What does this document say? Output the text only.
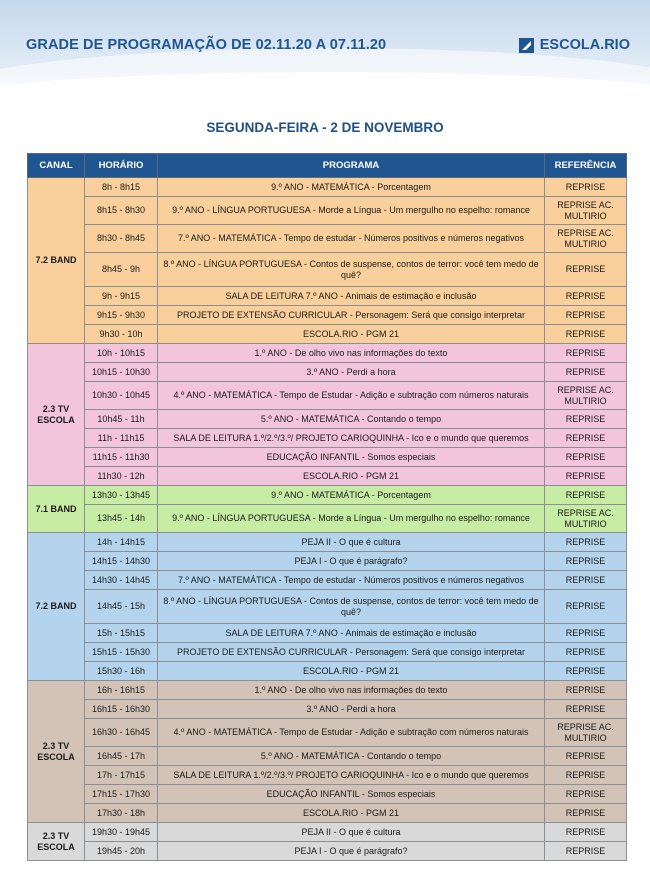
GRADE DE PROGRAMAÇÃO DE 02.11.20 A 07.11.20	ESCOLA.RIO
SEGUNDA-FEIRA - 2 DE NOVEMBRO
CANAL	HORÁRIO	PROGRAMA	REFERÊNCIA
7.2 BAND	8h - 8h15	9.º ANO - MATEMÁTICA - Porcentagem	REPRISE
	8h15 - 8h30	9.º ANO - LÍNGUA PORTUGUESA - Morde a Língua - Um mergulho no espelho: romance	REPRISE AC. MULTIRIO
	8h30 - 8h45	7.º ANO - MATEMÁTICA - Tempo de estudar - Números positivos e números negativos	REPRISE AC. MULTIRIO
	8h45 - 9h	8.º ANO - LÍNGUA PORTUGUESA - Contos de suspense, contos de terror: você tem medo de quê?	REPRISE
	9h - 9h15	SALA DE LEITURA 7.º ANO - Animais de estimação e inclusão	REPRISE
	9h15 - 9h30	PROJETO DE EXTENSÃO CURRICULAR - Personagem: Será que consigo interpretar	REPRISE
	9h30 - 10h	ESCOLA.RIO - PGM 21	REPRISE
2.3 TV ESCOLA	10h - 10h15	1.º ANO - De olho vivo nas informações do texto	REPRISE
	10h15 - 10h30	3.º ANO - Perdi a hora	REPRISE
	10h30 - 10h45	4.º ANO - MATEMÁTICA - Tempo de Estudar - Adição e subtração com números naturais	REPRISE AC. MULTIRIO
	10h45 - 11h	5.º ANO - MATEMÁTICA - Contando o tempo	REPRISE
	11h - 11h15	SALA DE LEITURA 1.º/2.º/3.º/ PROJETO CARIOQUINHA - Ico e o mundo que queremos	REPRISE
	11h15 - 11h30	EDUCAÇÃO INFANTIL - Somos especiais	REPRISE
	11h30 - 12h	ESCOLA.RIO - PGM 21	REPRISE
7.1 BAND	13h30 - 13h45	9.º ANO - MATEMÁTICA - Porcentagem	REPRISE
	13h45 - 14h	9.º ANO - LÍNGUA PORTUGUESA - Morde a Língua - Um mergulho no espelho: romance	REPRISE AC. MULTIRIO
7.2 BAND	14h - 14h15	PEJA II - O que é cultura	REPRISE
	14h15 - 14h30	PEJA I - O que é parágrafo?	REPRISE
	14h30 - 14h45	7.º ANO - MATEMÁTICA - Tempo de estudar - Números positivos e números negativos	REPRISE
	14h45 - 15h	8.º ANO - LÍNGUA PORTUGUESA - Contos de suspense, contos de terror: você tem medo de quê?	REPRISE
	15h - 15h15	SALA DE LEITURA 7.º ANO - Animais de estimação e inclusão	REPRISE
	15h15 - 15h30	PROJETO DE EXTENSÃO CURRICULAR - Personagem: Será que consigo interpretar	REPRISE
	15h30 - 16h	ESCOLA.RIO - PGM 21	REPRISE
2.3 TV ESCOLA	16h - 16h15	1.º ANO - De olho vivo nas informações do texto	REPRISE
	16h15 - 16h30	3.º ANO - Perdi a hora	REPRISE
	16h30 - 16h45	4.º ANO - MATEMÁTICA - Tempo de Estudar - Adição e subtração com números naturais	REPRISE AC. MULTIRIO
	16h45 - 17h	5.º ANO - MATEMÁTICA - Contando o tempo	REPRISE
	17h - 17h15	SALA DE LEITURA 1.º/2.º/3.º/ PROJETO CARIOQUINHA - Ico e o mundo que queremos	REPRISE
	17h15 - 17h30	EDUCAÇÃO INFANTIL - Somos especiais	REPRISE
	17h30 - 18h	ESCOLA.RIO - PGM 21	REPRISE
2.3 TV ESCOLA	19h30 - 19h45	PEJA II - O que é cultura	REPRISE
	19h45 - 20h	PEJA I - O que é parágrafo?	REPRISE
